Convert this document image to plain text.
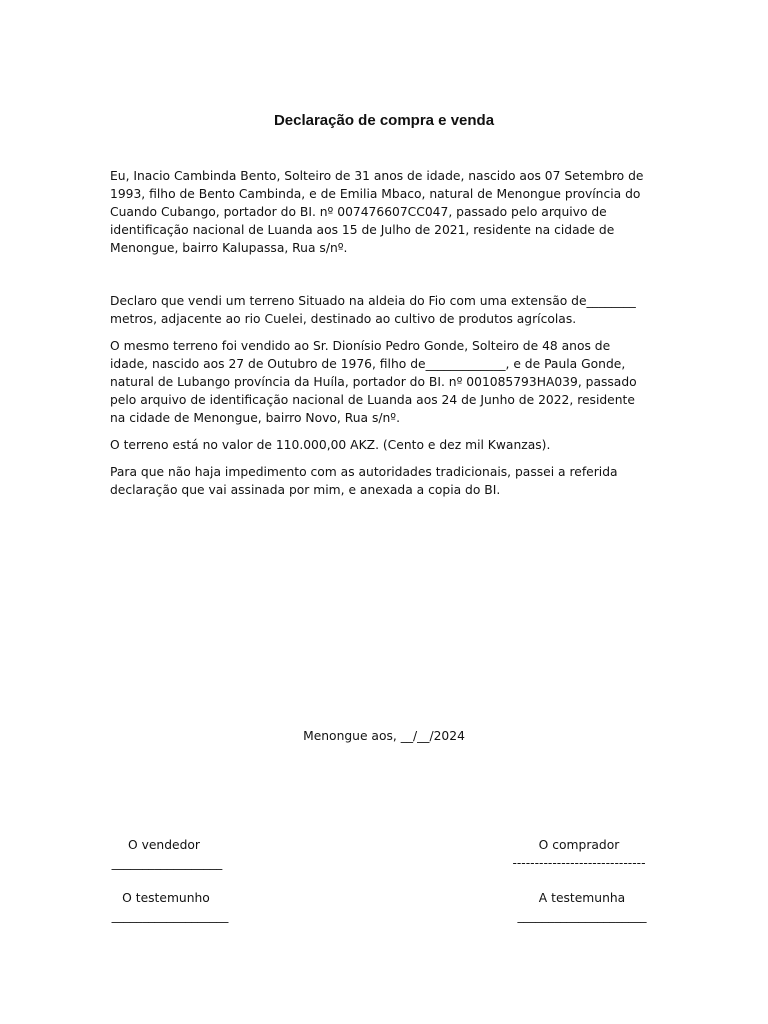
Declaração de compra e venda

Eu, Inacio Cambinda Bento, Solteiro de 31 anos de idade, nascido aos 07 Setembro de 1993, filho de Bento Cambinda, e de Emilia Mbaco, natural de Menongue província do Cuando Cubango, portador do BI. nº 007476607CC047, passado pelo arquivo de identificação nacional de Luanda aos 15 de Julho de 2021, residente na cidade de Menongue, bairro Kalupassa, Rua s/nº.

Declaro que vendi um terreno Situado na aldeia do Fio com uma extensão de________ metros, adjacente ao rio Cuelei, destinado ao cultivo de produtos agrícolas.

O mesmo terreno foi vendido ao Sr. Dionísio Pedro Gonde, Solteiro de 48 anos de idade, nascido aos 27 de Outubro de 1976, filho de_____________, e de Paula Gonde, natural de Lubango província da Huíla, portador do BI. nº 001085793HA039, passado pelo arquivo de identificação nacional de Luanda aos 24 de Junho de 2022, residente na cidade de Menongue, bairro Novo, Rua s/nº.

O terreno está no valor de 110.000,00 AKZ. (Cento e dez mil Kwanzas).

Para que não haja impedimento com as autoridades tradicionais, passei a referida declaração que vai assinada por mim, e anexada a copia do BI.

Menongue aos, __/__/2024
O vendedor
__________________
O comprador
------------------------------
O testemunho
___________________
A testemunha
_____________________
